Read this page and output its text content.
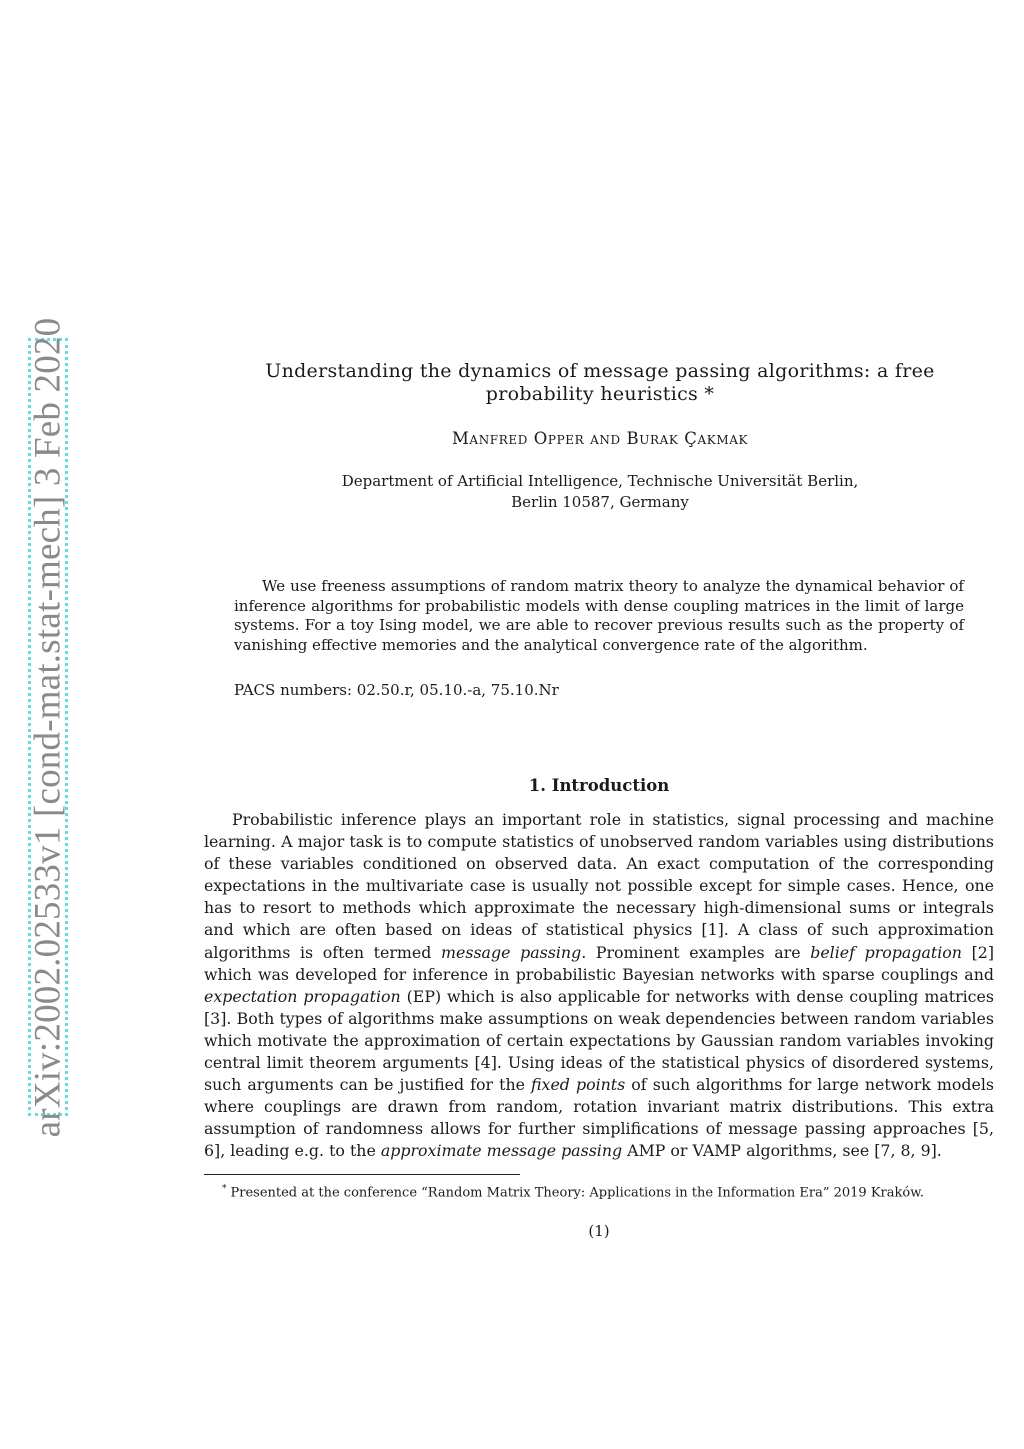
arXiv:2002.02533v1 [cond-mat.stat-mech] 3 Feb 2020	Understanding the dynamics of message passing algorithms: a free probability heuristics *
Manfred Opper and Burak Çakmak
Department of Artificial Intelligence, Technische Universität Berlin,
Berlin 10587, Germany

We use freeness assumptions of random matrix theory to analyze the dynamical behavior of inference algorithms for probabilistic models with dense coupling matrices in the limit of large systems. For a toy Ising model, we are able to recover previous results such as the property of vanishing effective memories and the analytical convergence rate of the algorithm.

PACS numbers: 02.50.r, 05.10.-a, 75.10.Nr

1. Introduction

Probabilistic inference plays an important role in statistics, signal processing and machine learning. A major task is to compute statistics of unobserved random variables using distributions of these variables conditioned on observed data. An exact computation of the corresponding expectations in the multivariate case is usually not possible except for simple cases. Hence, one has to resort to methods which approximate the necessary high-dimensional sums or integrals and which are often based on ideas of statistical physics [1]. A class of such approximation algorithms is often termed message passing. Prominent examples are belief propagation [2] which was developed for inference in probabilistic Bayesian networks with sparse couplings and expectation propagation (EP) which is also applicable for networks with dense coupling matrices [3]. Both types of algorithms make assumptions on weak dependencies between random variables which motivate the approximation of certain expectations by Gaussian random variables invoking central limit theorem arguments [4]. Using ideas of the statistical physics of disordered systems, such arguments can be justified for the fixed points of such algorithms for large network models where couplings are drawn from random, rotation invariant matrix distributions. This extra assumption of randomness allows for further simplifications of message passing approaches [5, 6], leading e.g. to the approximate message passing AMP or VAMP algorithms, see [7, 8, 9].

* Presented at the conference “Random Matrix Theory: Applications in the Information Era” 2019 Kraków.

(1)
